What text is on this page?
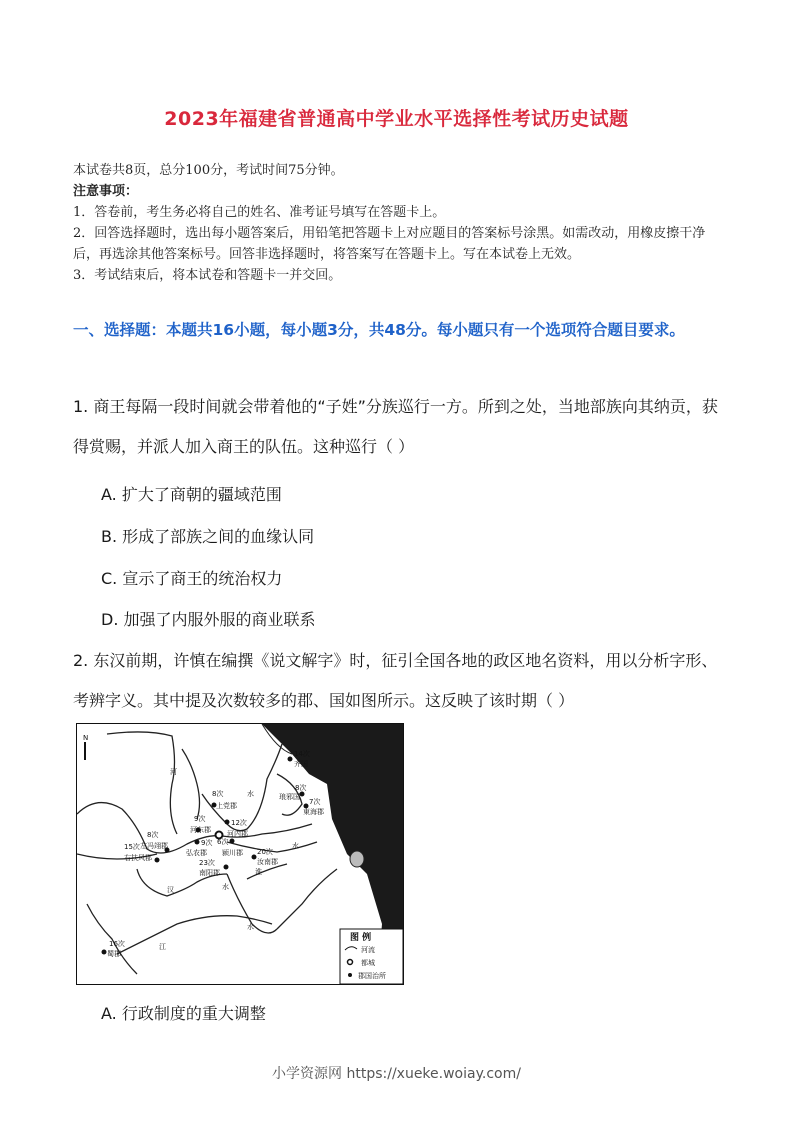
2023年福建省普通高中学业水平选择性考试历史试题
本试卷共8页，总分100分，考试时间75分钟。
注意事项：
1．答卷前，考生务必将自己的姓名、准考证号填写在答题卡上。
2．回答选择题时，选出每小题答案后，用铅笔把答题卡上对应题目的答案标号涂黑。如需改动，用橡皮擦干净后，再选涂其他答案标号。回答非选择题时，将答案写在答题卡上。写在本试卷上无效。
3．考试结束后，将本试卷和答题卡一并交回。
一、选择题：本题共16小题，每小题3分，共48分。每小题只有一个选项符合题目要求。
1. 商王每隔一段时间就会带着他的“子姓”分族巡行一方。所到之处，当地部族向其纳贡，获得赏赐，并派人加入商王的队伍。这种巡行（ ）
A. 扩大了商朝的疆域范围
B. 形成了部族之间的血缘认同
C. 宣示了商王的统治权力
D. 加强了内服外服的商业联系
2. 东汉前期，许慎在编撰《说文解字》时，征引全国各地的政区地名资料，用以分析字形、考辨字义。其中提及次数较多的郡、国如图所示。这反映了该时期（ ）
N
14次
齐国
8次
琅邪国
7次
東海郡
8次
上党郡
9次
河东郡
12次
河内郡
8次
左冯翊郡
15次
右扶风郡
9次
弘农郡
6次
颍川郡 20次
汝南郡
23次
南阳郡
16次
蜀郡
河
水
水
淮
汉	水
江
水
图 例
河流
都城
郡国治所
A. 行政制度的重大调整
小学资源网 https://xueke.woiay.com/
